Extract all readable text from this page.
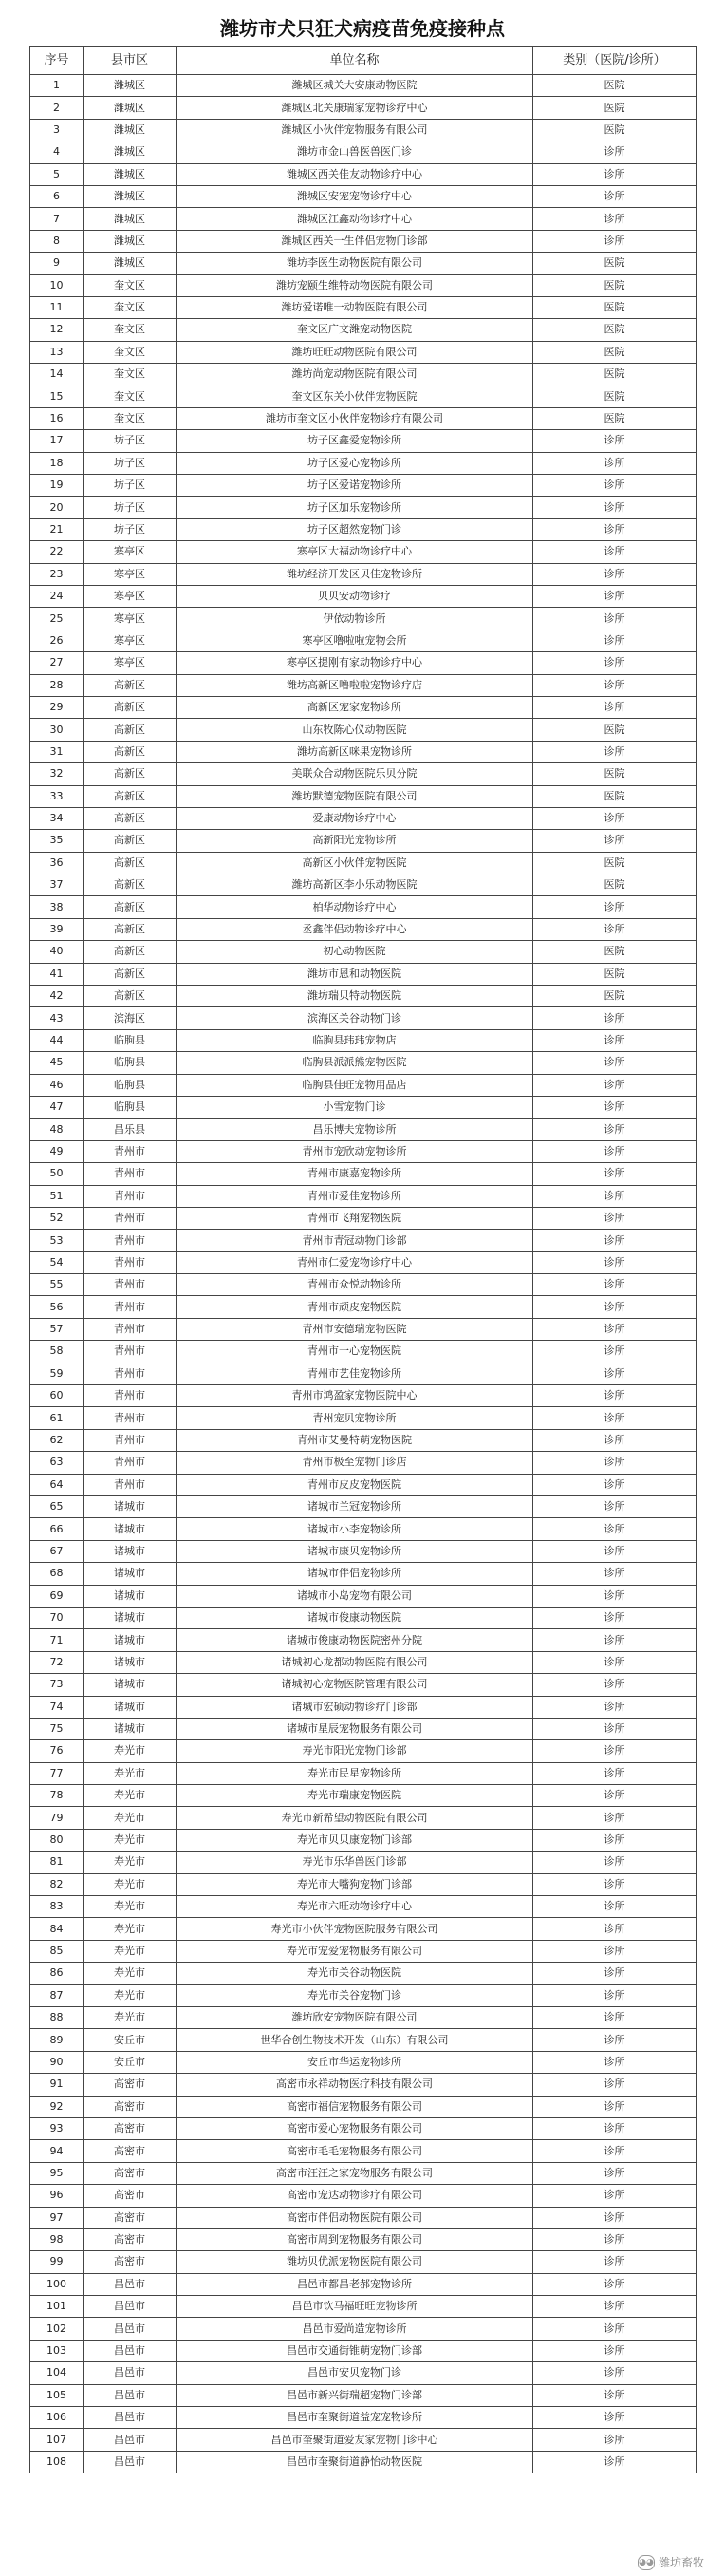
潍坊市犬只狂犬病疫苗免疫接种点
序号	县市区	单位名称	类别（医院/诊所）
1	潍城区	潍城区城关大安康动物医院	医院
2	潍城区	潍城区北关康瑞家宠物诊疗中心	医院
3	潍城区	潍城区小伙伴宠物服务有限公司	医院
4	潍城区	潍坊市金山兽医兽医门诊	诊所
5	潍城区	潍城区西关佳友动物诊疗中心	诊所
6	潍城区	潍城区安宠宠物诊疗中心	诊所
7	潍城区	潍城区江鑫动物诊疗中心	诊所
8	潍城区	潍城区西关一生伴侣宠物门诊部	诊所
9	潍城区	潍坊李医生动物医院有限公司	医院
10	奎文区	潍坊宠颐生维特动物医院有限公司	医院
11	奎文区	潍坊爱诺唯一动物医院有限公司	医院
12	奎文区	奎文区广文潍宠动物医院	医院
13	奎文区	潍坊旺旺动物医院有限公司	医院
14	奎文区	潍坊尚宠动物医院有限公司	医院
15	奎文区	奎文区东关小伙伴宠物医院	医院
16	奎文区	潍坊市奎文区小伙伴宠物诊疗有限公司	医院
17	坊子区	坊子区鑫爱宠物诊所	诊所
18	坊子区	坊子区爱心宠物诊所	诊所
19	坊子区	坊子区爱诺宠物诊所	诊所
20	坊子区	坊子区加乐宠物诊所	诊所
21	坊子区	坊子区超然宠物门诊	诊所
22	寒亭区	寒亭区大福动物诊疗中心	诊所
23	寒亭区	潍坊经济开发区贝佳宠物诊所	诊所
24	寒亭区	贝贝安动物诊疗	诊所
25	寒亭区	伊依动物诊所	诊所
26	寒亭区	寒亭区噜啦啦宠物会所	诊所
27	寒亭区	寒亭区提刚有家动物诊疗中心	诊所
28	高新区	潍坊高新区噜啦啦宠物诊疗店	诊所
29	高新区	高新区宠家宠物诊所	诊所
30	高新区	山东牧陈心仪动物医院	医院
31	高新区	潍坊高新区咪果宠物诊所	诊所
32	高新区	美联众合动物医院乐贝分院	医院
33	高新区	潍坊默德宠物医院有限公司	医院
34	高新区	爱康动物诊疗中心	诊所
35	高新区	高新阳光宠物诊所	诊所
36	高新区	高新区小伙伴宠物医院	医院
37	高新区	潍坊高新区李小乐动物医院	医院
38	高新区	柏华动物诊疗中心	诊所
39	高新区	丞鑫伴侣动物诊疗中心	诊所
40	高新区	初心动物医院	医院
41	高新区	潍坊市恩和动物医院	医院
42	高新区	潍坊瑞贝特动物医院	医院
43	滨海区	滨海区关谷动物门诊	诊所
44	临朐县	临朐县玮玮宠物店	诊所
45	临朐县	临朐县派派熊宠物医院	诊所
46	临朐县	临朐县佳旺宠物用品店	诊所
47	临朐县	小雪宠物门诊	诊所
48	昌乐县	昌乐博夫宠物诊所	诊所
49	青州市	青州市宠欣动宠物诊所	诊所
50	青州市	青州市康嘉宠物诊所	诊所
51	青州市	青州市爱佳宠物诊所	诊所
52	青州市	青州市飞翔宠物医院	诊所
53	青州市	青州市青冠动物门诊部	诊所
54	青州市	青州市仁爱宠物诊疗中心	诊所
55	青州市	青州市众悦动物诊所	诊所
56	青州市	青州市顽皮宠物医院	诊所
57	青州市	青州市安德瑞宠物医院	诊所
58	青州市	青州市一心宠物医院	诊所
59	青州市	青州市艺佳宠物诊所	诊所
60	青州市	青州市鸿盈家宠物医院中心	诊所
61	青州市	青州宠贝宠物诊所	诊所
62	青州市	青州市艾曼特萌宠物医院	诊所
63	青州市	青州市极至宠物门诊店	诊所
64	青州市	青州市皮皮宠物医院	诊所
65	诸城市	诸城市兰冠宠物诊所	诊所
66	诸城市	诸城市小李宠物诊所	诊所
67	诸城市	诸城市康贝宠物诊所	诊所
68	诸城市	诸城市伴侣宠物诊所	诊所
69	诸城市	诸城市小岛宠物有限公司	诊所
70	诸城市	诸城市俊康动物医院	诊所
71	诸城市	诸城市俊康动物医院密州分院	诊所
72	诸城市	诸城初心龙都动物医院有限公司	诊所
73	诸城市	诸城初心宠物医院管理有限公司	诊所
74	诸城市	诸城市宏硕动物诊疗门诊部	诊所
75	诸城市	诸城市星辰宠物服务有限公司	诊所
76	寿光市	寿光市阳光宠物门诊部	诊所
77	寿光市	寿光市民星宠物诊所	诊所
78	寿光市	寿光市瑞康宠物医院	诊所
79	寿光市	寿光市新希望动物医院有限公司	诊所
80	寿光市	寿光市贝贝康宠物门诊部	诊所
81	寿光市	寿光市乐华兽医门诊部	诊所
82	寿光市	寿光市大嘴狗宠物门诊部	诊所
83	寿光市	寿光市六旺动物诊疗中心	诊所
84	寿光市	寿光市小伙伴宠物医院服务有限公司	诊所
85	寿光市	寿光市宠爱宠物服务有限公司	诊所
86	寿光市	寿光市关谷动物医院	诊所
87	寿光市	寿光市关谷宠物门诊	诊所
88	寿光市	潍坊欣安宠物医院有限公司	诊所
89	安丘市	世华合创生物技术开发（山东）有限公司	诊所
90	安丘市	安丘市华运宠物诊所	诊所
91	高密市	高密市永祥动物医疗科技有限公司	诊所
92	高密市	高密市福信宠物服务有限公司	诊所
93	高密市	高密市爱心宠物服务有限公司	诊所
94	高密市	高密市毛毛宠物服务有限公司	诊所
95	高密市	高密市汪汪之家宠物服务有限公司	诊所
96	高密市	高密市宠达动物诊疗有限公司	诊所
97	高密市	高密市伴侣动物医院有限公司	诊所
98	高密市	高密市周到宠物服务有限公司	诊所
99	高密市	潍坊贝优派宠物医院有限公司	诊所
100	昌邑市	昌邑市都昌老郝宠物诊所	诊所
101	昌邑市	昌邑市饮马福旺旺宠物诊所	诊所
102	昌邑市	昌邑市爱尚造宠物诊所	诊所
103	昌邑市	昌邑市交通街锥萌宠物门诊部	诊所
104	昌邑市	昌邑市安贝宠物门诊	诊所
105	昌邑市	昌邑市新兴街瑞超宠物门诊部	诊所
106	昌邑市	昌邑市奎聚街道益宠宠物诊所	诊所
107	昌邑市	昌邑市奎聚街道爱友家宠物门诊中心	诊所
108	昌邑市	昌邑市奎聚街道静怡动物医院	诊所
◕◕ 潍坊畜牧
